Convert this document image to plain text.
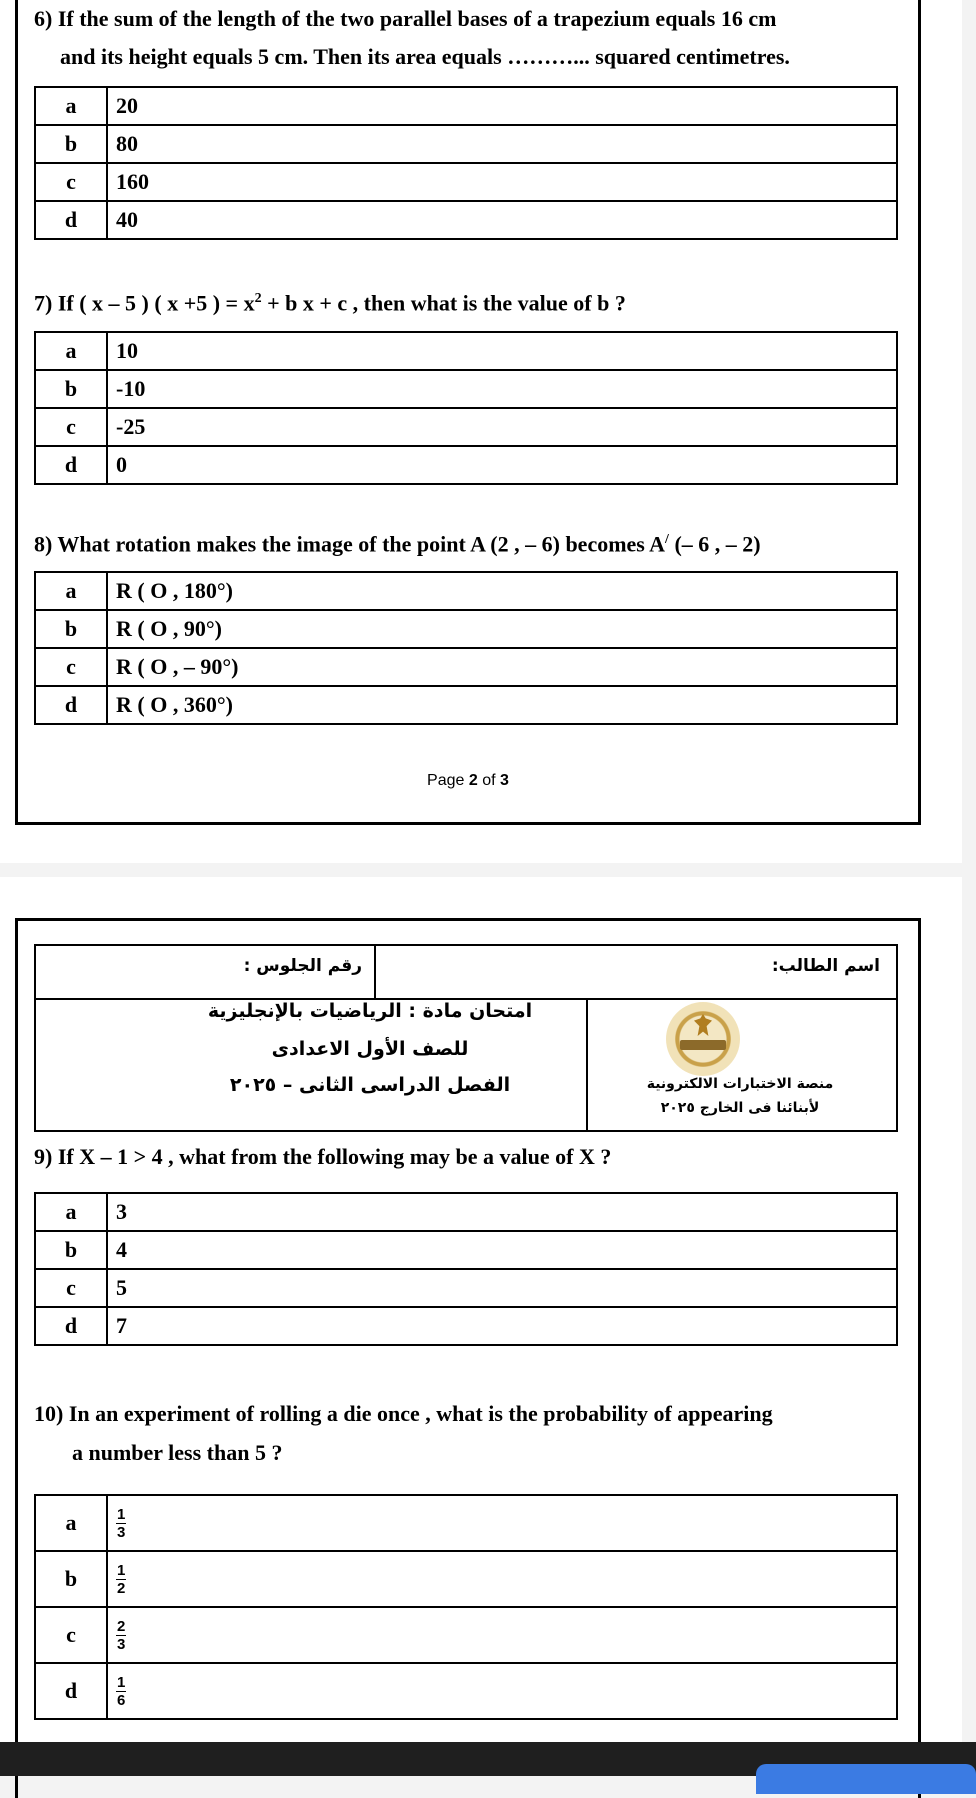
6) If the sum of the length of the two parallel bases of a trapezium equals 16 cm
and its height equals 5 cm. Then its area equals ………... squared centimetres.
a	20
b	80
c	160
d	40
7) If ( x – 5 ) ( x +5 ) = $x^2 + b$ x + c , then what is the value of b ?
a	10
b	-10
c	-25
d	0
8) What rotation makes the image of the point A (2 , – 6) becomes A/ (– 6 , – 2)
a	R ( O , 180°)
b	R ( O , 90°)
c	R ( O , – 90°)
d	R ( O , 360°)
Page 2 of 3
رقم الجلوس :	اسم الطالب:
امتحان مادة : الرياضيات بالإنجليزية
للصف الأول الاعدادى
الفصل الدراسى الثانى – ٢٠٢٥	منصة الاختبارات الالكترونية
لأبنائنا فى الخارج ٢٠٢٥
9) If X – 1 > 4 , what from the following may be a value of X ?
a	3
b	4
c	5
d	7
10) In an experiment of rolling a die once , what is the probability of appearing
a number less than 5 ?
a	$\frac{1}{3}$

b	$\frac{1}{2}$

c	$\frac{2}{3}$

d	$\frac{1}{6}$
